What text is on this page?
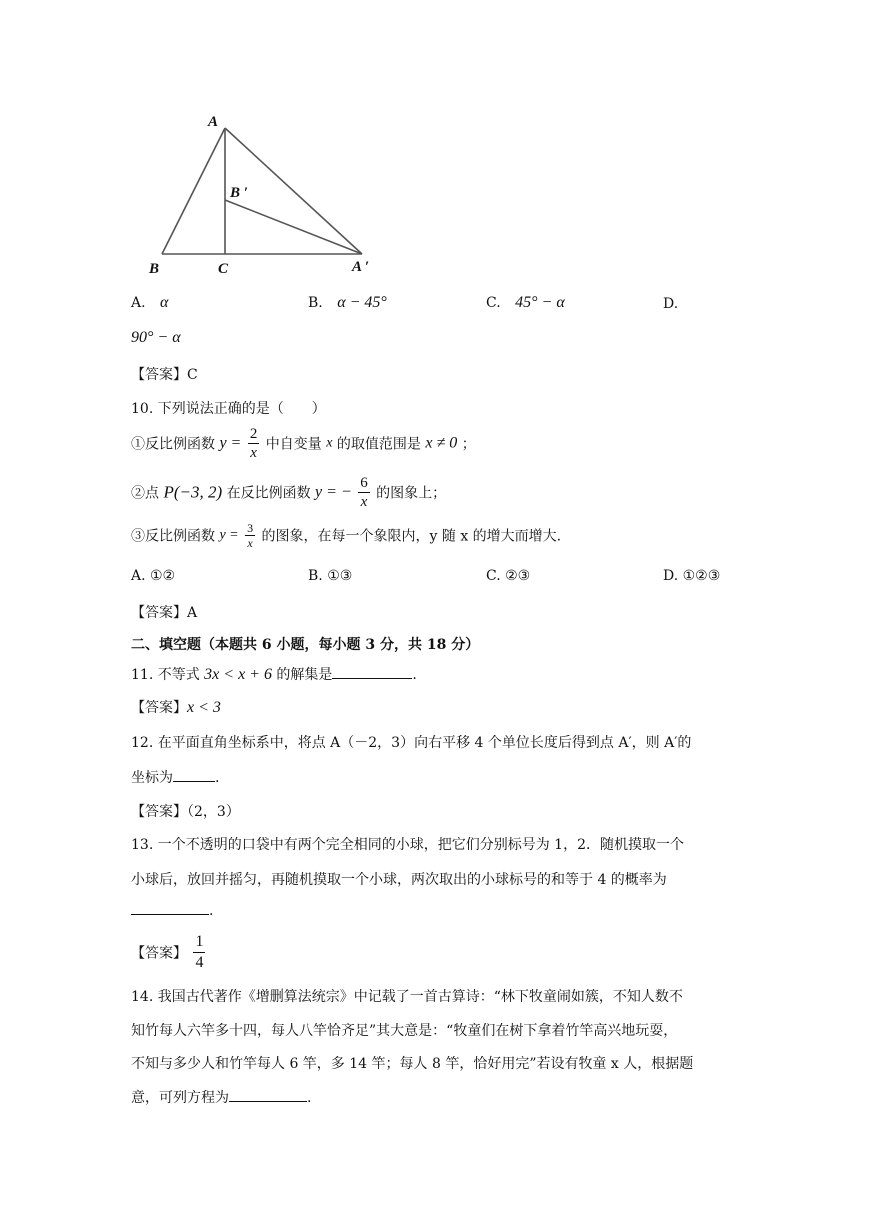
A
B ′
B	C	A ′
A. α	B. α − 45°	C. 45° − α	D.
90° − α
【答案】C
10. 下列说法正确的是（　　）
①反比例函数 $y = \frac{2}{x}$ 中自变量 x 的取值范围是 x ≠ 0 ；
②点 P(−3, 2) 在反比例函数 y = − $\frac{6}{x}$ 的图象上；
③反比例函数 $y = \frac{3}{x}$ 的图象，在每一个象限内，y 随 x 的增大而增大.
A. ①②	B. ①③	C. ②③	D. ①②③
【答案】A
二、填空题（本题共 6 小题，每小题 3 分，共 18 分）
11. 不等式 3x < x + 6 的解集是	.
【答案】x < 3
12. 在平面直角坐标系中，将点 A（－2，3）向右平移 4 个单位长度后得到点 A′，则 A′的
坐标为	.
【答案】（2，3）
13. 一个不透明的口袋中有两个完全相同的小球，把它们分别标号为 1，2．随机摸取一个
小球后，放回并摇匀，再随机摸取一个小球，两次取出的小球标号的和等于 4 的概率为
.
【答案】 $\frac{1}{4}$
14. 我国古代著作《增删算法统宗》中记载了一首古算诗：“林下牧童闹如簇，不知人数不
知竹每人六竿多十四，每人八竿恰齐足”其大意是：“牧童们在树下拿着竹竿高兴地玩耍，
不知与多少人和竹竿每人 6 竿，多 14 竿；每人 8 竿，恰好用完”若设有牧童 x 人，根据题
意，可列方程为	.
